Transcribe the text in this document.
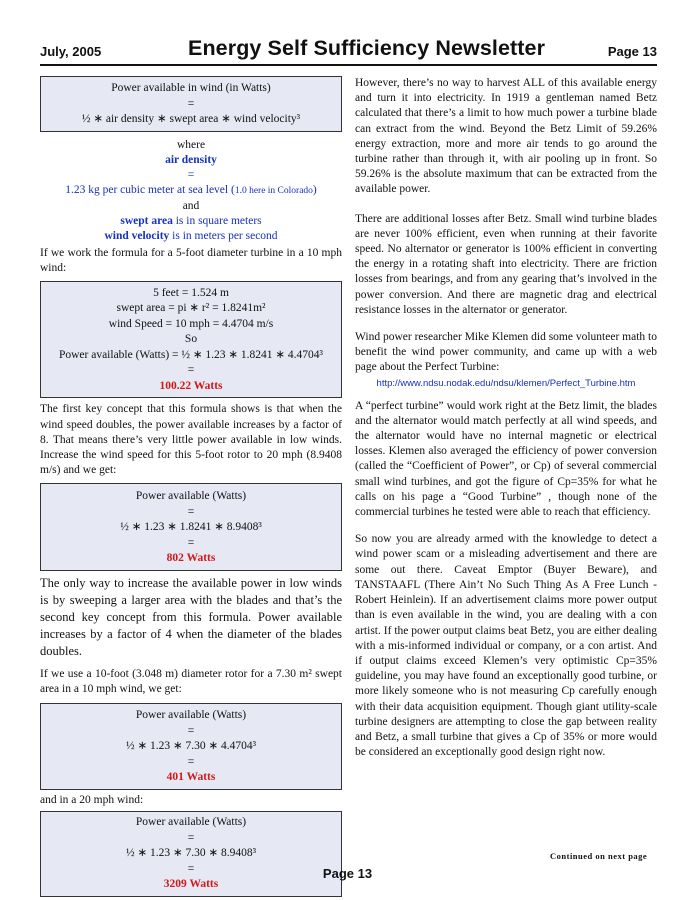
July, 2005	Energy Self Sufficiency Newsletter	Page 13
Power available in wind (in Watts)
=
½ ∗ air density ∗ swept area ∗ wind velocity³
where
air density
=
1.23 kg per cubic meter at sea level (1.0 here in Colorado)
and
swept area is in square meters
wind velocity is in meters per second

If we work the formula for a 5-foot diameter turbine in a 10 mph wind:

5 feet = 1.524 m
swept area = pi ∗ r² = 1.8241m²
wind Speed = 10 mph = 4.4704 m/s
So
Power available (Watts) = ½ ∗ 1.23 ∗ 1.8241 ∗ 4.4704³
=
100.22 Watts

The first key concept that this formula shows is that when the wind speed doubles, the power available increases by a factor of 8. That means there’s very little power available in low winds. Increase the wind speed for this 5-foot rotor to 20 mph (8.9408 m/s) and we get:

Power available (Watts)
=
½ ∗ 1.23 ∗ 1.8241 ∗ 8.9408³
=
802 Watts

The only way to increase the available power in low winds is by sweeping a larger area with the blades and that’s the second key concept from this formula. Power available increases by a factor of 4 when the diameter of the blades doubles.

If we use a 10-foot (3.048 m) diameter rotor for a 7.30 m² swept area in a 10 mph wind, we get:

Power available (Watts)
=
½ ∗ 1.23 ∗ 7.30 ∗ 4.4704³
=
401 Watts

and in a 20 mph wind:

Power available (Watts)
=
½ ∗ 1.23 ∗ 7.30 ∗ 8.9408³
=
3209 Watts

However, there’s no way to harvest ALL of this available energy and turn it into electricity. In 1919 a gentleman named Betz calculated that there’s a limit to how much power a turbine blade can extract from the wind. Beyond the Betz Limit of 59.26% energy extraction, more and more air tends to go around the turbine rather than through it, with air pooling up in front. So 59.26% is the absolute maximum that can be extracted from the available power.

There are additional losses after Betz. Small wind turbine blades are never 100% efficient, even when running at their favorite speed. No alternator or generator is 100% efficient in converting the energy in a rotating shaft into electricity. There are friction losses from bearings, and from any gearing that’s involved in the power conversion. And there are magnetic drag and electrical resistance losses in the alternator or generator.

Wind power researcher Mike Klemen did some volunteer math to benefit the wind power community, and came up with a web page about the Perfect Turbine:

http://www.ndsu.nodak.edu/ndsu/klemen/Perfect_Turbine.htm

A “perfect turbine” would work right at the Betz limit, the blades and the alternator would match perfectly at all wind speeds, and the alternator would have no internal magnetic or electrical losses. Klemen also averaged the efficiency of power conversion (called the “Coefficient of Power”, or Cp) of several commercial small wind turbines, and got the figure of Cp=35% for what he calls on his page a “Good Turbine” , though none of the commercial turbines he tested were able to reach that efficiency.

So now you are already armed with the knowledge to detect a wind power scam or a misleading advertisement and there are some out there. Caveat Emptor (Buyer Beware), and TANSTAAFL (There Ain’t No Such Thing As A Free Lunch - Robert Heinlein). If an advertisement claims more power output than is even available in the wind, you are dealing with a con artist. If the power output claims beat Betz, you are either dealing with a mis-informed individual or company, or a con artist. And if output claims exceed Klemen’s very optimistic Cp=35% guideline, you may have found an exceptionally good turbine, or more likely someone who is not measuring Cp carefully enough with their data acquisition equipment. Though giant utility-scale turbine designers are attempting to close the gap between reality and Betz, a small turbine that gives a Cp of 35% or more would be considered an exceptionally good design right now.

Continued on next page
Page 13
